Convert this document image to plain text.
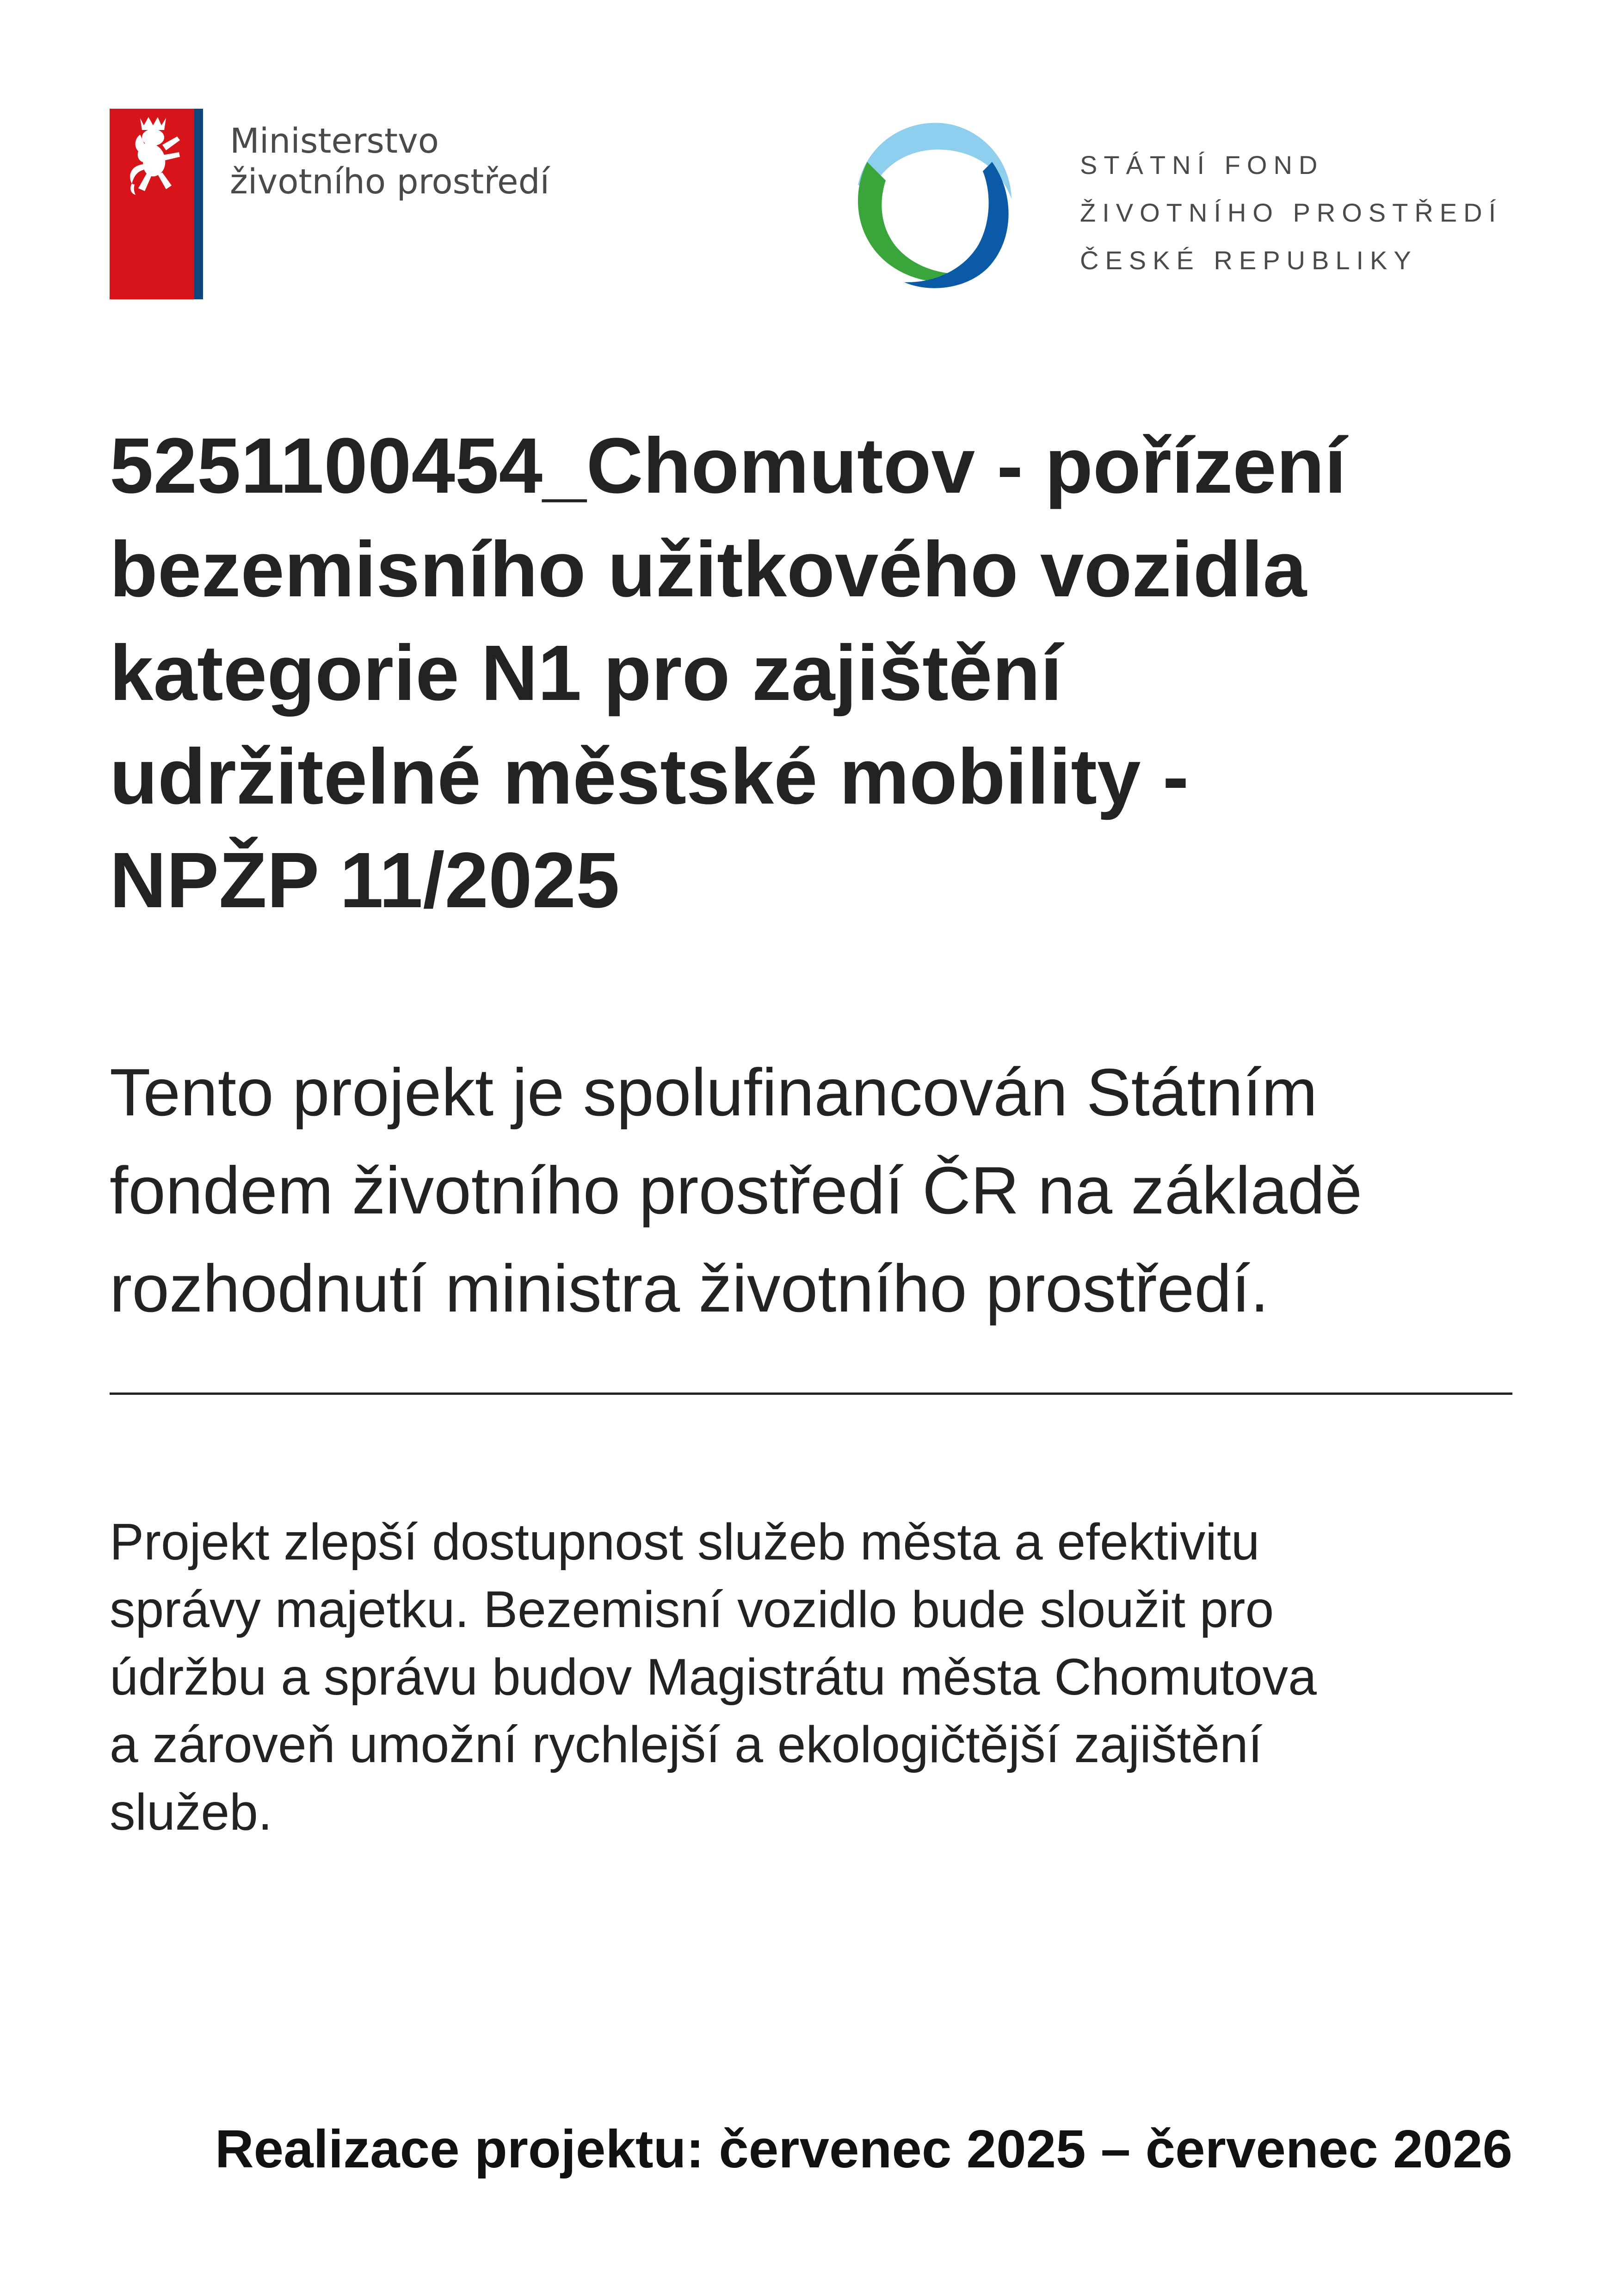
Ministerstvo
životního prostředí	STÁTNÍ FOND
ŽIVOTNÍHO PROSTŘEDÍ
ČESKÉ REPUBLIKY
5251100454_Chomutov - pořízení
bezemisního užitkového vozidla
kategorie N1 pro zajištění
udržitelné městské mobility -
NPŽP 11/2025
Tento projekt je spolufinancován Státním
fondem životního prostředí ČR na základě
rozhodnutí ministra životního prostředí.
Projekt zlepší dostupnost služeb města a efektivitu
správy majetku. Bezemisní vozidlo bude sloužit pro
údržbu a správu budov Magistrátu města Chomutova
a zároveň umožní rychlejší a ekologičtější zajištění
služeb.
Realizace projektu: červenec 2025 – červenec 2026
